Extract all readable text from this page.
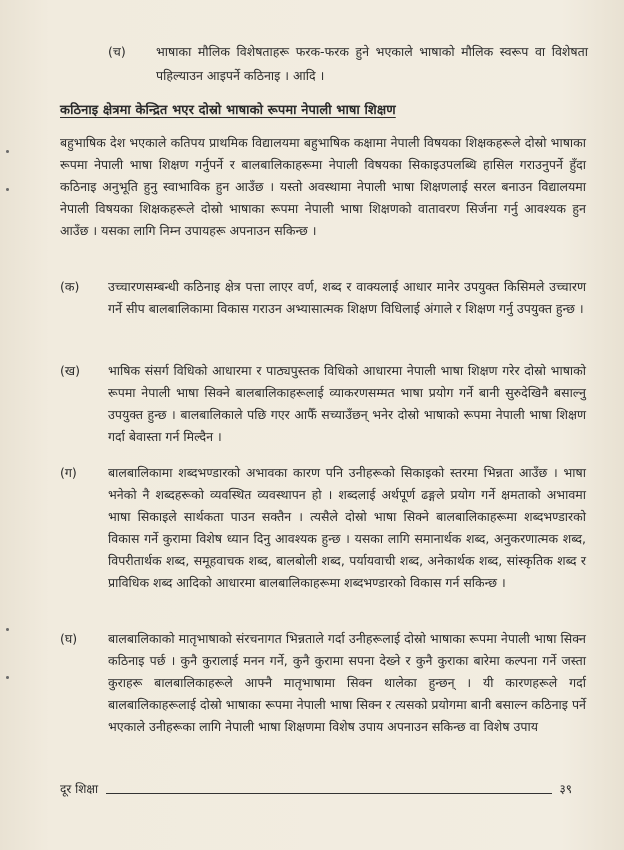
(च) भाषाका मौलिक विशेषताहरू फरक-फरक हुने भएकाले भाषाको मौलिक स्वरूप वा विशेषता पहिल्याउन आइपर्ने कठिनाइ । आदि ।
कठिनाइ क्षेत्रमा केन्द्रित भएर दोस्रो भाषाको रूपमा नेपाली भाषा शिक्षण
बहुभाषिक देश भएकाले कतिपय प्राथमिक विद्यालयमा बहुभाषिक कक्षामा नेपाली विषयका शिक्षकहरूले दोस्रो भाषाका रूपमा नेपाली भाषा शिक्षण गर्नुपर्ने र बालबालिकाहरूमा नेपाली विषयका सिकाइउपलब्धि हासिल गराउनुपर्ने हुँदा कठिनाइ अनुभूति हुनु स्वाभाविक हुन आउँछ । यस्तो अवस्थामा नेपाली भाषा शिक्षणलाई सरल बनाउन विद्यालयमा नेपाली विषयका शिक्षकहरूले दोस्रो भाषाका रूपमा नेपाली भाषा शिक्षणको वातावरण सिर्जना गर्नु आवश्यक हुन आउँछ । यसका लागि निम्न उपायहरू अपनाउन सकिन्छ ।
(क) उच्चारणसम्बन्धी कठिनाइ क्षेत्र पत्ता लाएर वर्ण, शब्द र वाक्यलाई आधार मानेर उपयुक्त किसिमले उच्चारण गर्ने सीप बालबालिकामा विकास गराउन अभ्यासात्मक शिक्षण विधिलाई अंगाले र शिक्षण गर्नु उपयुक्त हुन्छ ।
(ख) भाषिक संसर्ग विधिको आधारमा र पाठ्यपुस्तक विधिको आधारमा नेपाली भाषा शिक्षण गरेर दोस्रो भाषाको रूपमा नेपाली भाषा सिक्ने बालबालिकाहरूलाई व्याकरणसम्मत भाषा प्रयोग गर्ने बानी सुरुदेखिनै बसाल्नु उपयुक्त हुन्छ । बालबालिकाले पछि गएर आफैँ सच्याउँछन् भनेर दोस्रो भाषाको रूपमा नेपाली भाषा शिक्षण गर्दा बेवास्ता गर्न मिल्दैन ।
(ग) बालबालिकामा शब्दभण्डारको अभावका कारण पनि उनीहरूको सिकाइको स्तरमा भिन्नता आउँछ । भाषा भनेको नै शब्दहरूको व्यवस्थित व्यवस्थापन हो । शब्दलाई अर्थपूर्ण ढङ्गले प्रयोग गर्ने क्षमताको अभावमा भाषा सिकाइले सार्थकता पाउन सक्तैन । त्यसैले दोस्रो भाषा सिक्ने बालबालिकाहरूमा शब्दभण्डारको विकास गर्ने कुरामा विशेष ध्यान दिनु आवश्यक हुन्छ । यसका लागि समानार्थक शब्द, अनुकरणात्मक शब्द, विपरीतार्थक शब्द, समूहवाचक शब्द, बालबोली शब्द, पर्यायवाची शब्द, अनेकार्थक शब्द, सांस्कृतिक शब्द र प्राविधिक शब्द आदिको आधारमा बालबालिकाहरूमा शब्दभण्डारको विकास गर्न सकिन्छ ।
(घ) बालबालिकाको मातृभाषाको संरचनागत भिन्नताले गर्दा उनीहरूलाई दोस्रो भाषाका रूपमा नेपाली भाषा सिक्न कठिनाइ पर्छ । कुनै कुरालाई मनन गर्ने, कुनै कुरामा सपना देख्ने र कुनै कुराका बारेमा कल्पना गर्ने जस्ता कुराहरू बालबालिकाहरूले आफ्नै मातृभाषामा सिक्न थालेका हुन्छन् । यी कारणहरूले गर्दा बालबालिकाहरूलाई दोस्रो भाषाका रूपमा नेपाली भाषा सिक्न र त्यसको प्रयोगमा बानी बसाल्न कठिनाइ पर्ने भएकाले उनीहरूका लागि नेपाली भाषा शिक्षणमा विशेष उपाय अपनाउन सकिन्छ वा विशेष उपाय
दूर शिक्षा	३९
